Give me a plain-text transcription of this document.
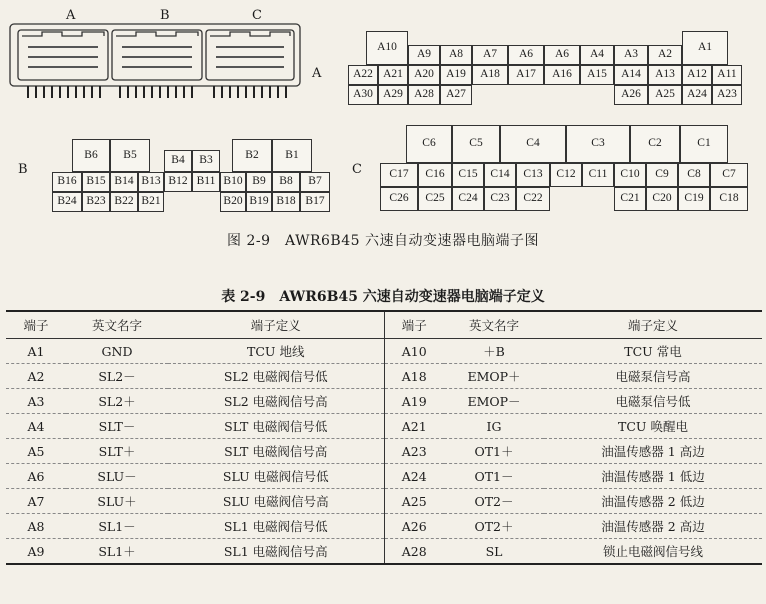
A	B	C
A
A10
A9	A8	A7	A6	A6	A4	A3	A2
A1
A22 A21 A20	A19	A18	A17	A16	A15	A14	A13	A12 A11
A30 A29 A28	A27	A26	A25	A24 A23
B
B6	B5	B4	B3	B2	B1
B16 B15 B14 B13 B12 B11 B10 B9	B8	B7
B24 B23 B22 B21	B20 B19 B18 B17
C
C6	C5	C4	C3	C2	C1
C17	C16	C15	C14	C13	C12	C11	C10	C9	C8	C7
C26	C25	C24	C23	C22	C21	C20	C19	C18
图 2-9　AWR6B45 六速自动变速器电脑端子图
表 2-9　AWR6B45 六速自动变速器电脑端子定义
端子	英文名字	端子定义	端子	英文名字	端子定义
A1	GND	TCU 地线	A10	＋B	TCU 常电
A2	SL2－	SL2 电磁阀信号低	A18	EMOP＋	电磁泵信号高
A3	SL2＋	SL2 电磁阀信号高	A19	EMOP－	电磁泵信号低
A4	SLT－	SLT 电磁阀信号低	A21	IG	TCU 唤醒电
A5	SLT＋	SLT 电磁阀信号高	A23	OT1＋	油温传感器 1 高边
A6	SLU－	SLU 电磁阀信号低	A24	OT1－	油温传感器 1 低边
A7	SLU＋	SLU 电磁阀信号高	A25	OT2－	油温传感器 2 低边
A8	SL1－	SL1 电磁阀信号低	A26	OT2＋	油温传感器 2 高边
A9	SL1＋	SL1 电磁阀信号高	A28	SL	锁止电磁阀信号线
